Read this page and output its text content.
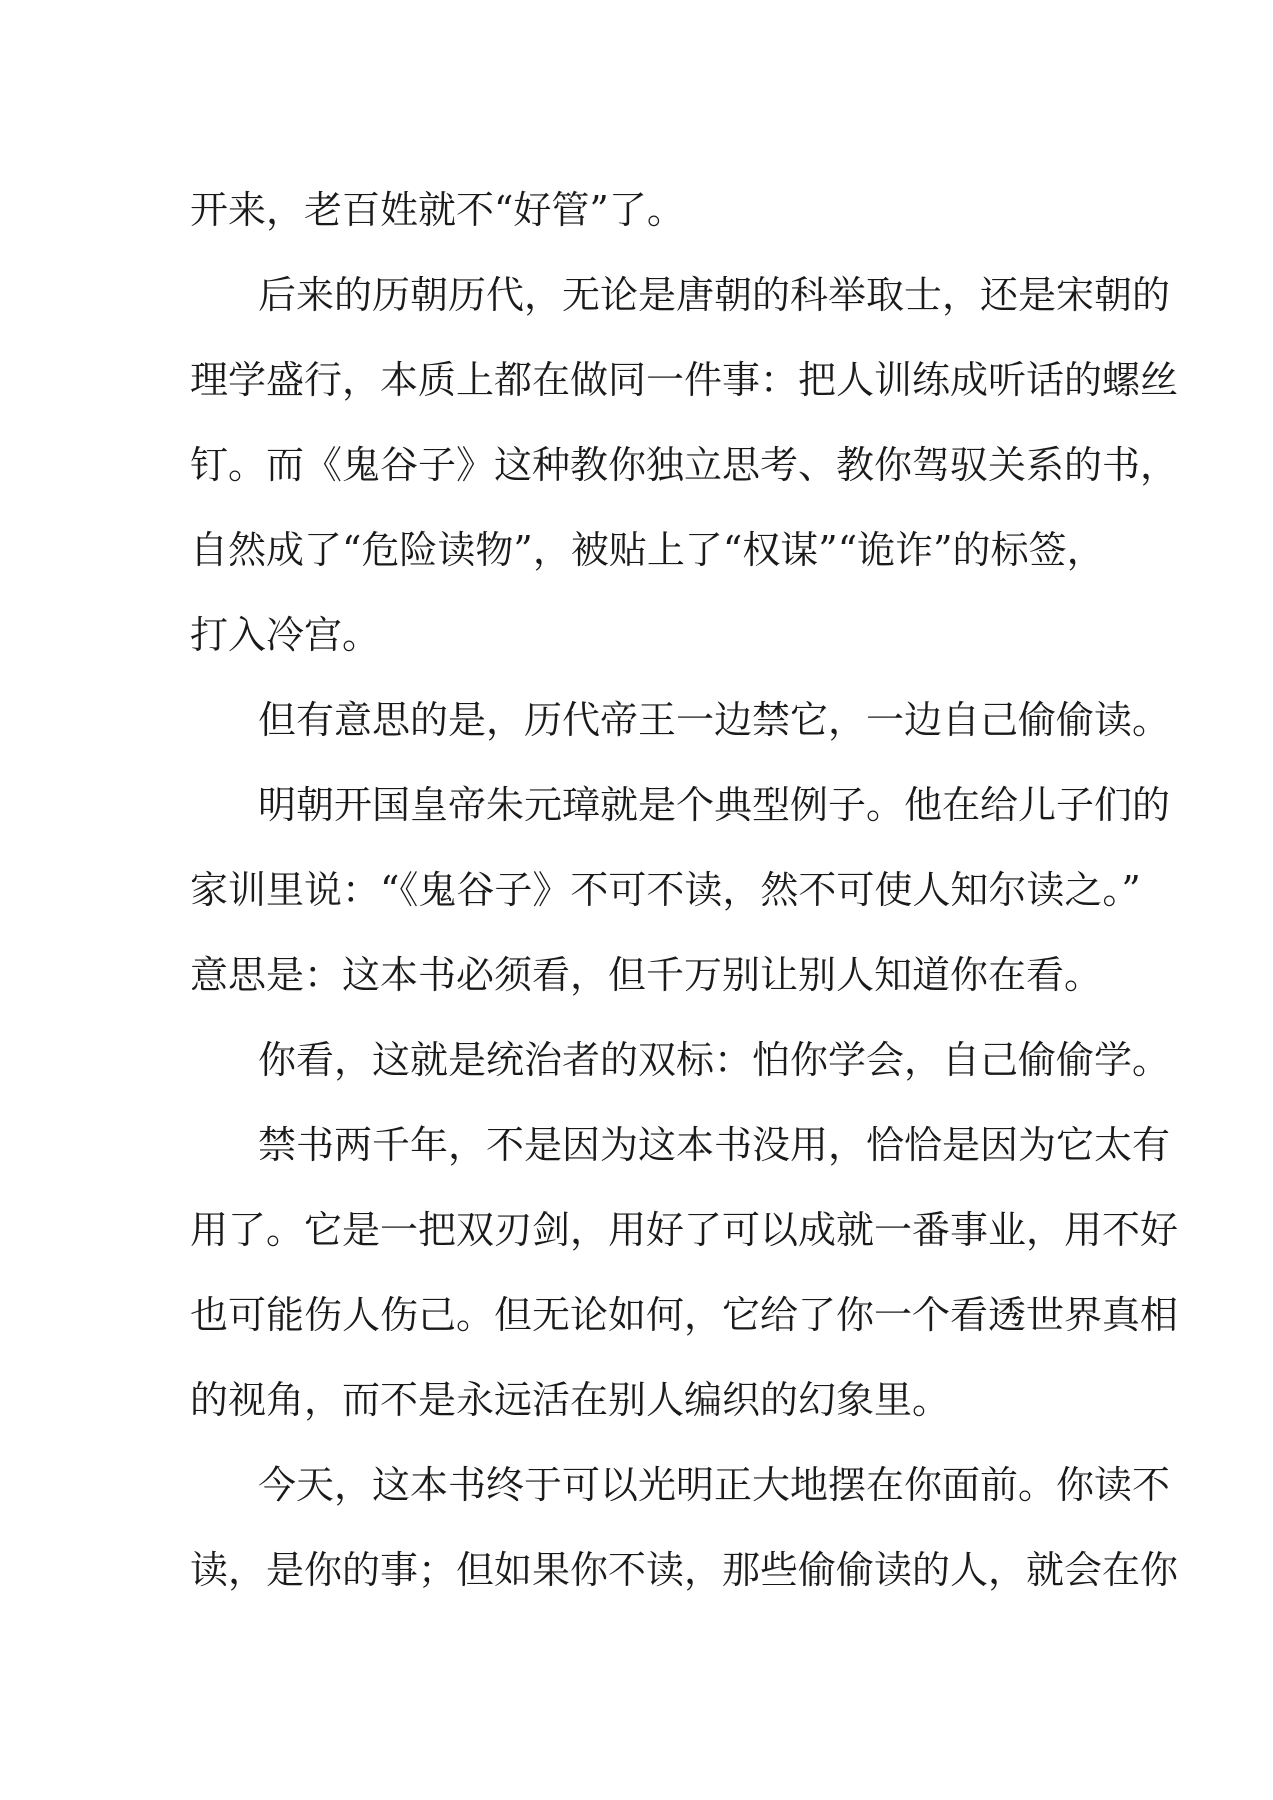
开来，老百姓就不“好管”了。
后来的历朝历代，无论是唐朝的科举取士，还是宋朝的
理学盛行，本质上都在做同一件事：把人训练成听话的螺丝
钉。而《鬼谷子》这种教你独立思考、教你驾驭关系的书，
自然成了“危险读物”，被贴上了“权谋”“诡诈”的标签，
打入冷宫。
但有意思的是，历代帝王一边禁它，一边自己偷偷读。
明朝开国皇帝朱元璋就是个典型例子。他在给儿子们的
家训里说：“《鬼谷子》不可不读，然不可使人知尔读之。”
意思是：这本书必须看，但千万别让别人知道你在看。
你看，这就是统治者的双标：怕你学会，自己偷偷学。
禁书两千年，不是因为这本书没用，恰恰是因为它太有
用了。它是一把双刃剑，用好了可以成就一番事业，用不好
也可能伤人伤己。但无论如何，它给了你一个看透世界真相
的视角，而不是永远活在别人编织的幻象里。
今天，这本书终于可以光明正大地摆在你面前。你读不
读，是你的事；但如果你不读，那些偷偷读的人，就会在你
